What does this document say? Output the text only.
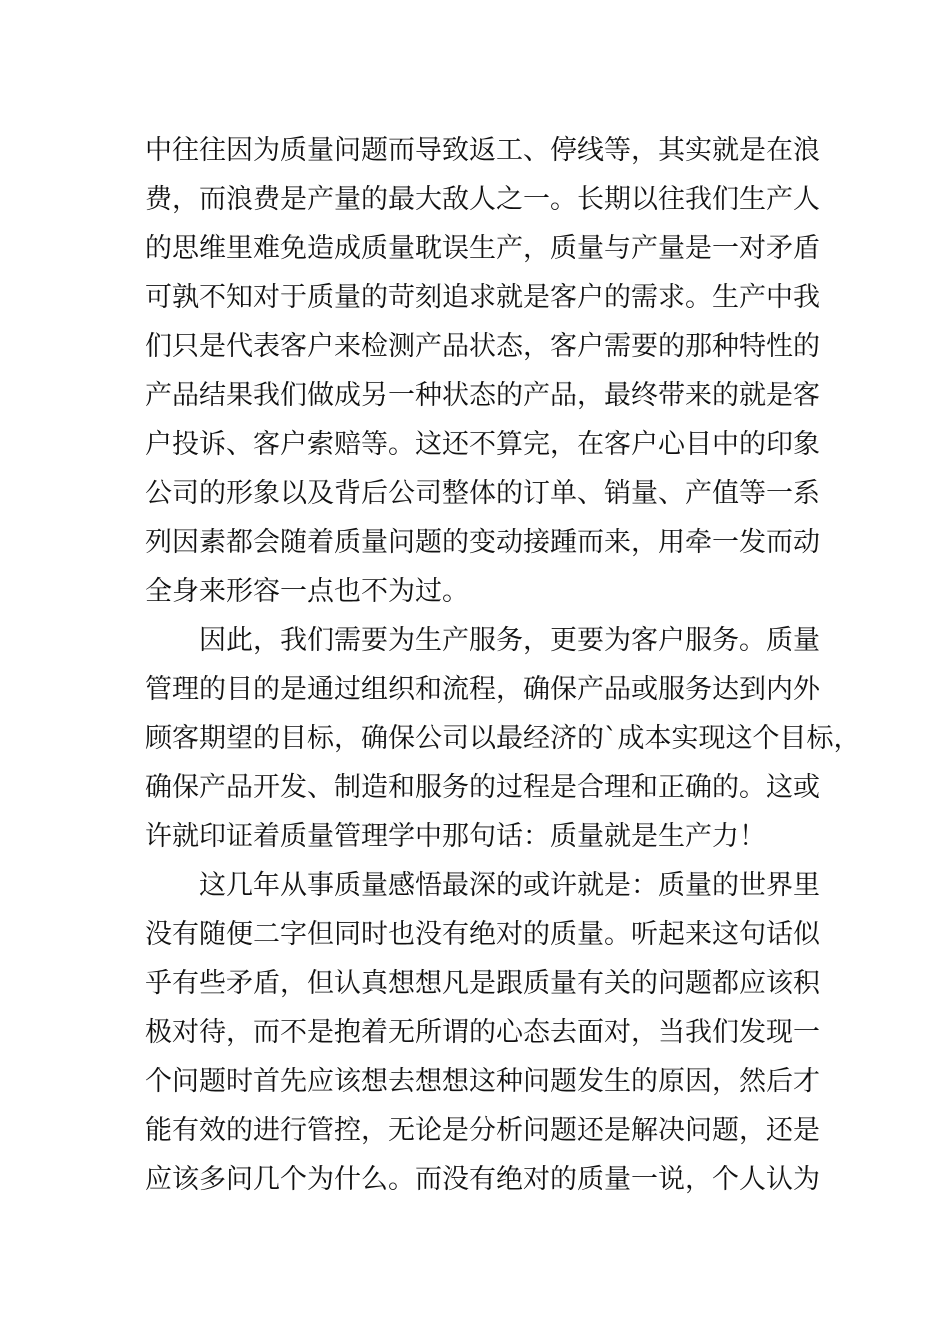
中往往因为质量问题而导致返工、停线等，其实就是在浪
费，而浪费是产量的最大敌人之一。长期以往我们生产人
的思维里难免造成质量耽误生产，质量与产量是一对矛盾
可孰不知对于质量的苛刻追求就是客户的需求。生产中我
们只是代表客户来检测产品状态，客户需要的那种特性的
产品结果我们做成另一种状态的产品，最终带来的就是客
户投诉、客户索赔等。这还不算完，在客户心目中的印象
公司的形象以及背后公司整体的订单、销量、产值等一系
列因素都会随着质量问题的变动接踵而来，用牵一发而动
全身来形容一点也不为过。
因此，我们需要为生产服务，更要为客户服务。质量
管理的目的是通过组织和流程，确保产品或服务达到内外
顾客期望的目标，确保公司以最经济的`成本实现这个目标，
确保产品开发、制造和服务的过程是合理和正确的。这或
许就印证着质量管理学中那句话：质量就是生产力！
这几年从事质量感悟最深的或许就是：质量的世界里
没有随便二字但同时也没有绝对的质量。听起来这句话似
乎有些矛盾，但认真想想凡是跟质量有关的问题都应该积
极对待，而不是抱着无所谓的心态去面对，当我们发现一
个问题时首先应该想去想想这种问题发生的原因，然后才
能有效的进行管控，无论是分析问题还是解决问题，还是
应该多问几个为什么。而没有绝对的质量一说，个人认为
